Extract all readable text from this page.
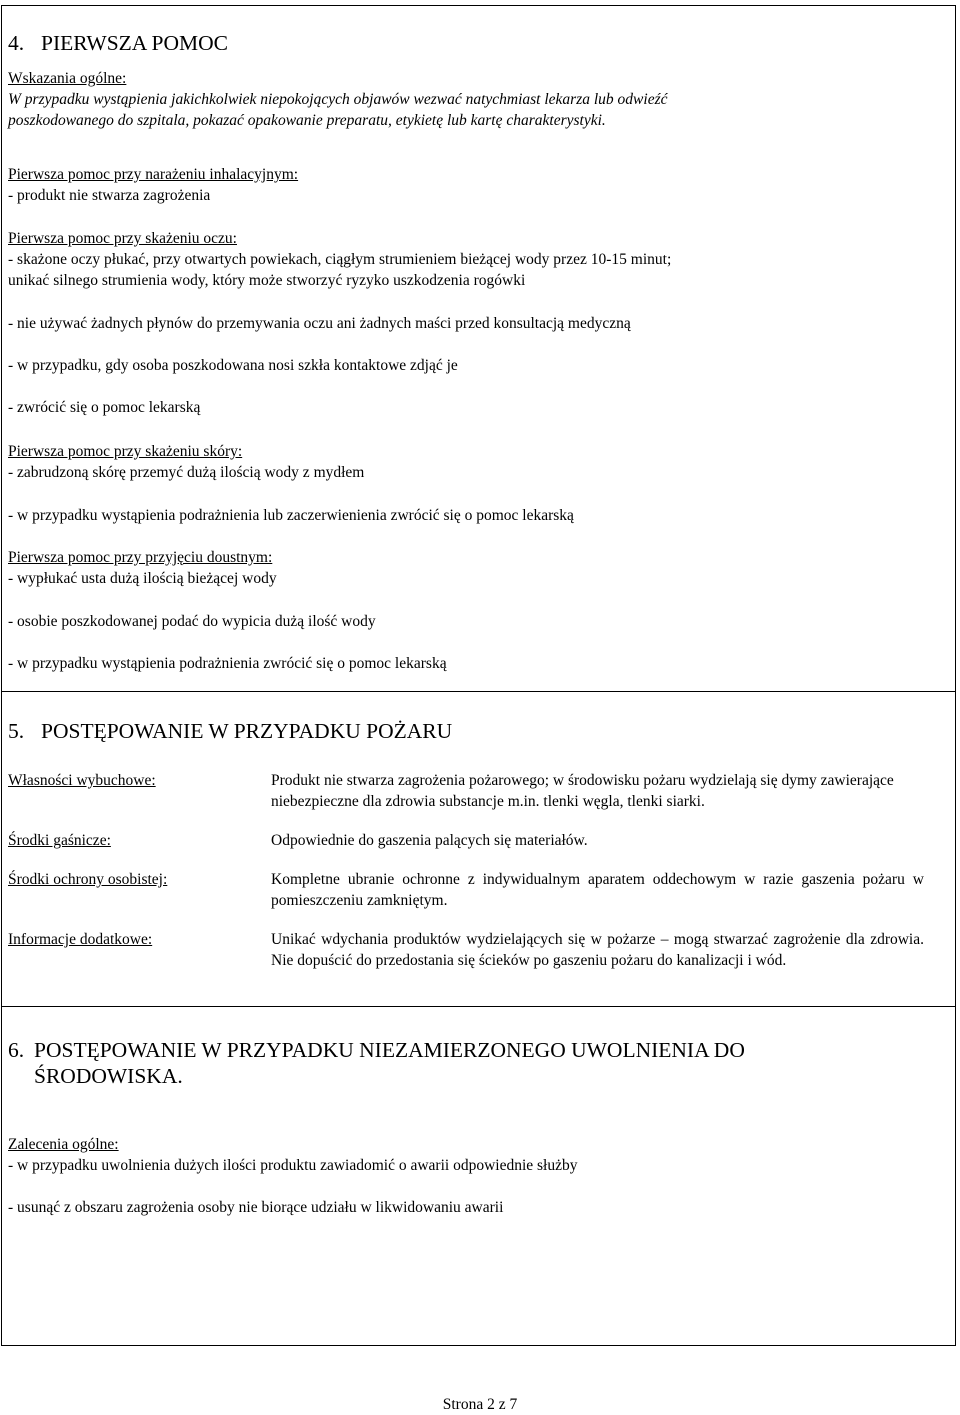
4. PIERWSZA POMOC
Wskazania ogólne:
W przypadku wystąpienia jakichkolwiek niepokojących objawów wezwać natychmiast lekarza lub odwieźć
poszkodowanego do szpitala, pokazać opakowanie preparatu, etykietę lub kartę charakterystyki.
Pierwsza pomoc przy narażeniu inhalacyjnym:
- produkt nie stwarza zagrożenia
Pierwsza pomoc przy skażeniu oczu:
- skażone oczy płukać, przy otwartych powiekach, ciągłym strumieniem bieżącej wody przez 10-15 minut;
unikać silnego strumienia wody, który może stworzyć ryzyko uszkodzenia rogówki
- nie używać żadnych płynów do przemywania oczu ani żadnych maści przed konsultacją medyczną
- w przypadku, gdy osoba poszkodowana nosi szkła kontaktowe zdjąć je
- zwrócić się o pomoc lekarską
Pierwsza pomoc przy skażeniu skóry:
- zabrudzoną skórę przemyć dużą ilością wody z mydłem
- w przypadku wystąpienia podrażnienia lub zaczerwienienia zwrócić się o pomoc lekarską
Pierwsza pomoc przy przyjęciu doustnym:
- wypłukać usta dużą ilością bieżącej wody
- osobie poszkodowanej podać do wypicia dużą ilość wody
- w przypadku wystąpienia podrażnienia zwrócić się o pomoc lekarską
5. POSTĘPOWANIE W PRZYPADKU POŻARU
Własności wybuchowe:	Produkt nie stwarza zagrożenia pożarowego; w środowisku pożaru wydzielają się dymy zawierające niebezpieczne dla zdrowia substancje m.in. tlenki węgla, tlenki siarki.
Środki gaśnicze:	Odpowiednie do gaszenia palących się materiałów.
Środki ochrony osobistej:	Kompletne ubranie ochronne z indywidualnym aparatem oddechowym w razie gaszenia pożaru w pomieszczeniu zamkniętym.
Informacje dodatkowe:	Unikać wdychania produktów wydzielających się w pożarze – mogą stwarzać zagrożenie dla zdrowia. Nie dopuścić do przedostania się ścieków po gaszeniu pożaru do kanalizacji i wód.
6. POSTĘPOWANIE W PRZYPADKU NIEZAMIERZONEGO UWOLNIENIA DO
ŚRODOWISKA.
Zalecenia ogólne:
- w przypadku uwolnienia dużych ilości produktu zawiadomić o awarii odpowiednie służby
- usunąć z obszaru zagrożenia osoby nie biorące udziału w likwidowaniu awarii
Strona 2 z 7
